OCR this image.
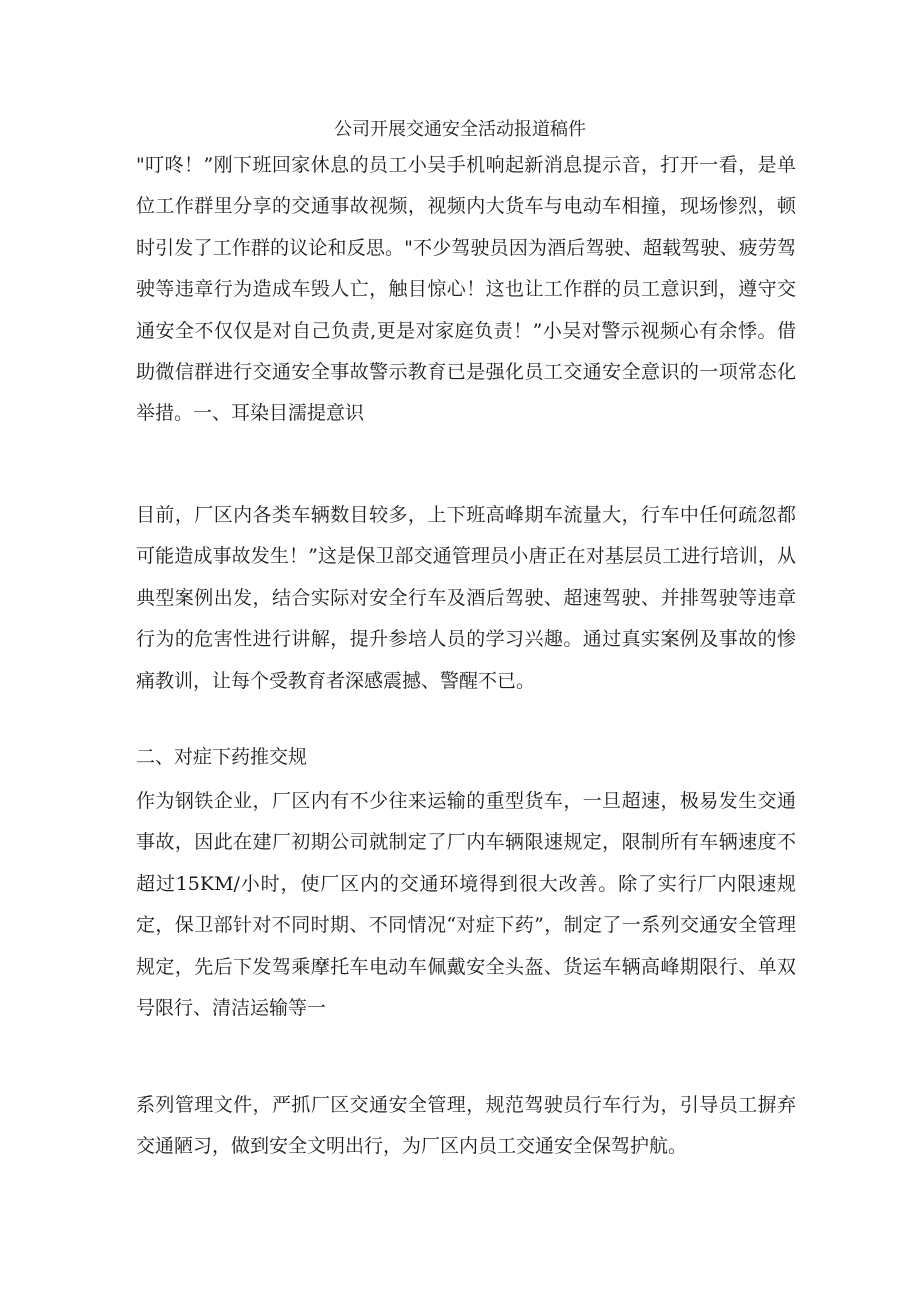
公司开展交通安全活动报道稿件

"叮咚！”刚下班回家休息的员工小吴手机响起新消息提示音，打开一看，是单位工作群里分享的交通事故视频，视频内大货车与电动车相撞，现场惨烈，顿时引发了工作群的议论和反思。"不少驾驶员因为酒后驾驶、超载驾驶、疲劳驾驶等违章行为造成车毁人亡，触目惊心！这也让工作群的员工意识到，遵守交通安全不仅仅是对自己负责,更是对家庭负责！”小吴对警示视频心有余悸。借助微信群进行交通安全事故警示教育已是强化员工交通安全意识的一项常态化举措。一、耳染目濡提意识

目前，厂区内各类车辆数目较多，上下班高峰期车流量大，行车中任何疏忽都可能造成事故发生！”这是保卫部交通管理员小唐正在对基层员工进行培训，从典型案例出发，结合实际对安全行车及酒后驾驶、超速驾驶、并排驾驶等违章行为的危害性进行讲解，提升参培人员的学习兴趣。通过真实案例及事故的惨痛教训，让每个受教育者深感震撼、警醒不已。

二、对症下药推交规

作为钢铁企业，厂区内有不少往来运输的重型货车，一旦超速，极易发生交通事故，因此在建厂初期公司就制定了厂内车辆限速规定，限制所有车辆速度不超过15KM/小时，使厂区内的交通环境得到很大改善。除了实行厂内限速规定，保卫部针对不同时期、不同情况“对症下药”，制定了一系列交通安全管理规定，先后下发驾乘摩托车电动车佩戴安全头盔、货运车辆高峰期限行、单双号限行、清洁运输等一

系列管理文件，严抓厂区交通安全管理，规范驾驶员行车行为，引导员工摒弃交通陋习，做到安全文明出行，为厂区内员工交通安全保驾护航。
